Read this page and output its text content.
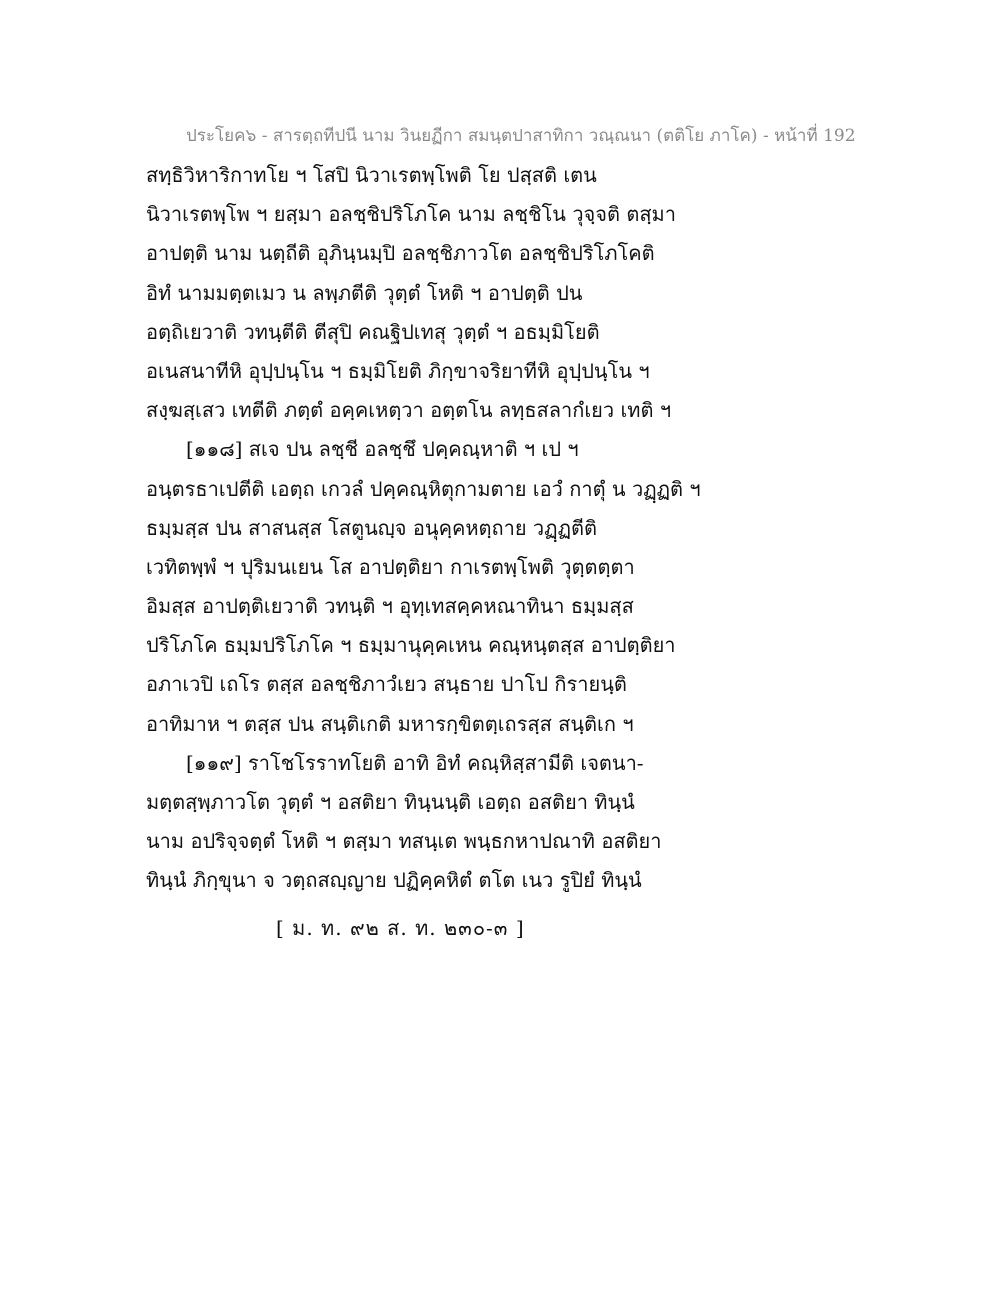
ประโยค๖ - สารตฺถทีปนี นาม วินยฏีกา สมนฺตปาสาทิกา วณฺณนา (ตติโย ภาโค) - หน้าที่ 192
สทฺธิวิหาริกาทโย ฯ โสปิ นิวาเรตพฺโพติ โย ปสฺสติ เตน
นิวาเรตพฺโพ ฯ ยสฺมา อลชฺชิปริโภโค นาม ลชฺชิโน วุจฺจติ ตสฺมา
อาปตฺติ นาม นตฺถีติ อุภินฺนมฺปิ อลชฺชิภาวโต อลชฺชิปริโภโคติ
อิทํ นามมตฺตเมว น ลพฺภตีติ วุตฺตํ โหติ ฯ อาปตฺติ ปน
อตฺถิเยวาติ วทนฺตีติ ตีสุปิ คณฐิปเทสุ วุตฺตํ ฯ อธมฺมิโยติ
อเนสนาทีหิ อุปฺปนฺโน ฯ ธมฺมิโยติ ภิกฺขาจริยาทีหิ อุปฺปนฺโน ฯ
สงฺฆสฺเสว เทตีติ ภตฺตํ อคฺคเหตฺวา อตฺตโน ลทฺธสลากํเยว เทติ ฯ
[๑๑๘] สเจ ปน ลชฺชี อลชฺชึ ปคฺคณฺหาติ ฯ เป ฯ
อนฺตรธาเปตีติ เอตฺถ เกวลํ ปคฺคณฺหิตุกามตาย เอวํ กาตุํ น วฏฺฏติ ฯ
ธมฺมสฺส ปน สาสนสฺส โสตูนญฺจ อนุคฺคหตฺถาย วฏฺฏตีติ
เวทิตพฺพํ ฯ ปุริมนเยน โส อาปตฺติยา กาเรตพฺโพติ วุตฺตตฺตา
อิมสฺส อาปตฺติเยวาติ วทนฺติ ฯ อุทฺเทสคฺคหณาทินา ธมฺมสฺส
ปริโภโค ธมฺมปริโภโค ฯ ธมฺมานุคฺคเหน คณฺหนฺตสฺส อาปตฺติยา
อภาเวปิ เถโร ตสฺส อลชฺชิภาวํเยว สนฺธาย ปาโป กิรายนฺติ
อาทิมาห ฯ ตสฺส ปน สนฺติเกติ มหารกฺขิตตฺเถรสฺส สนฺติเก ฯ
[๑๑๙] ราโชโรราทโยติ อาทิ อิทํ คณฺหิสฺสามีติ เจตนา-
มตฺตสฺพฺภาวโต วุตฺตํ ฯ อสติยา ทินฺนนฺติ เอตฺถ อสติยา ทินฺนํ
นาม อปริจฺจตฺตํ โหติ ฯ ตสฺมา ทสนฺเต พนฺธกหาปณาทิ อสติยา
ทินฺนํ ภิกฺขุนา จ วตฺถสญฺญาย ปฏิคฺคหิตํ ตโต เนว รูปิยํ ทินฺนํ
[ ม. ท. ๙๒ ส. ท. ๒๓๐-๓ ]
